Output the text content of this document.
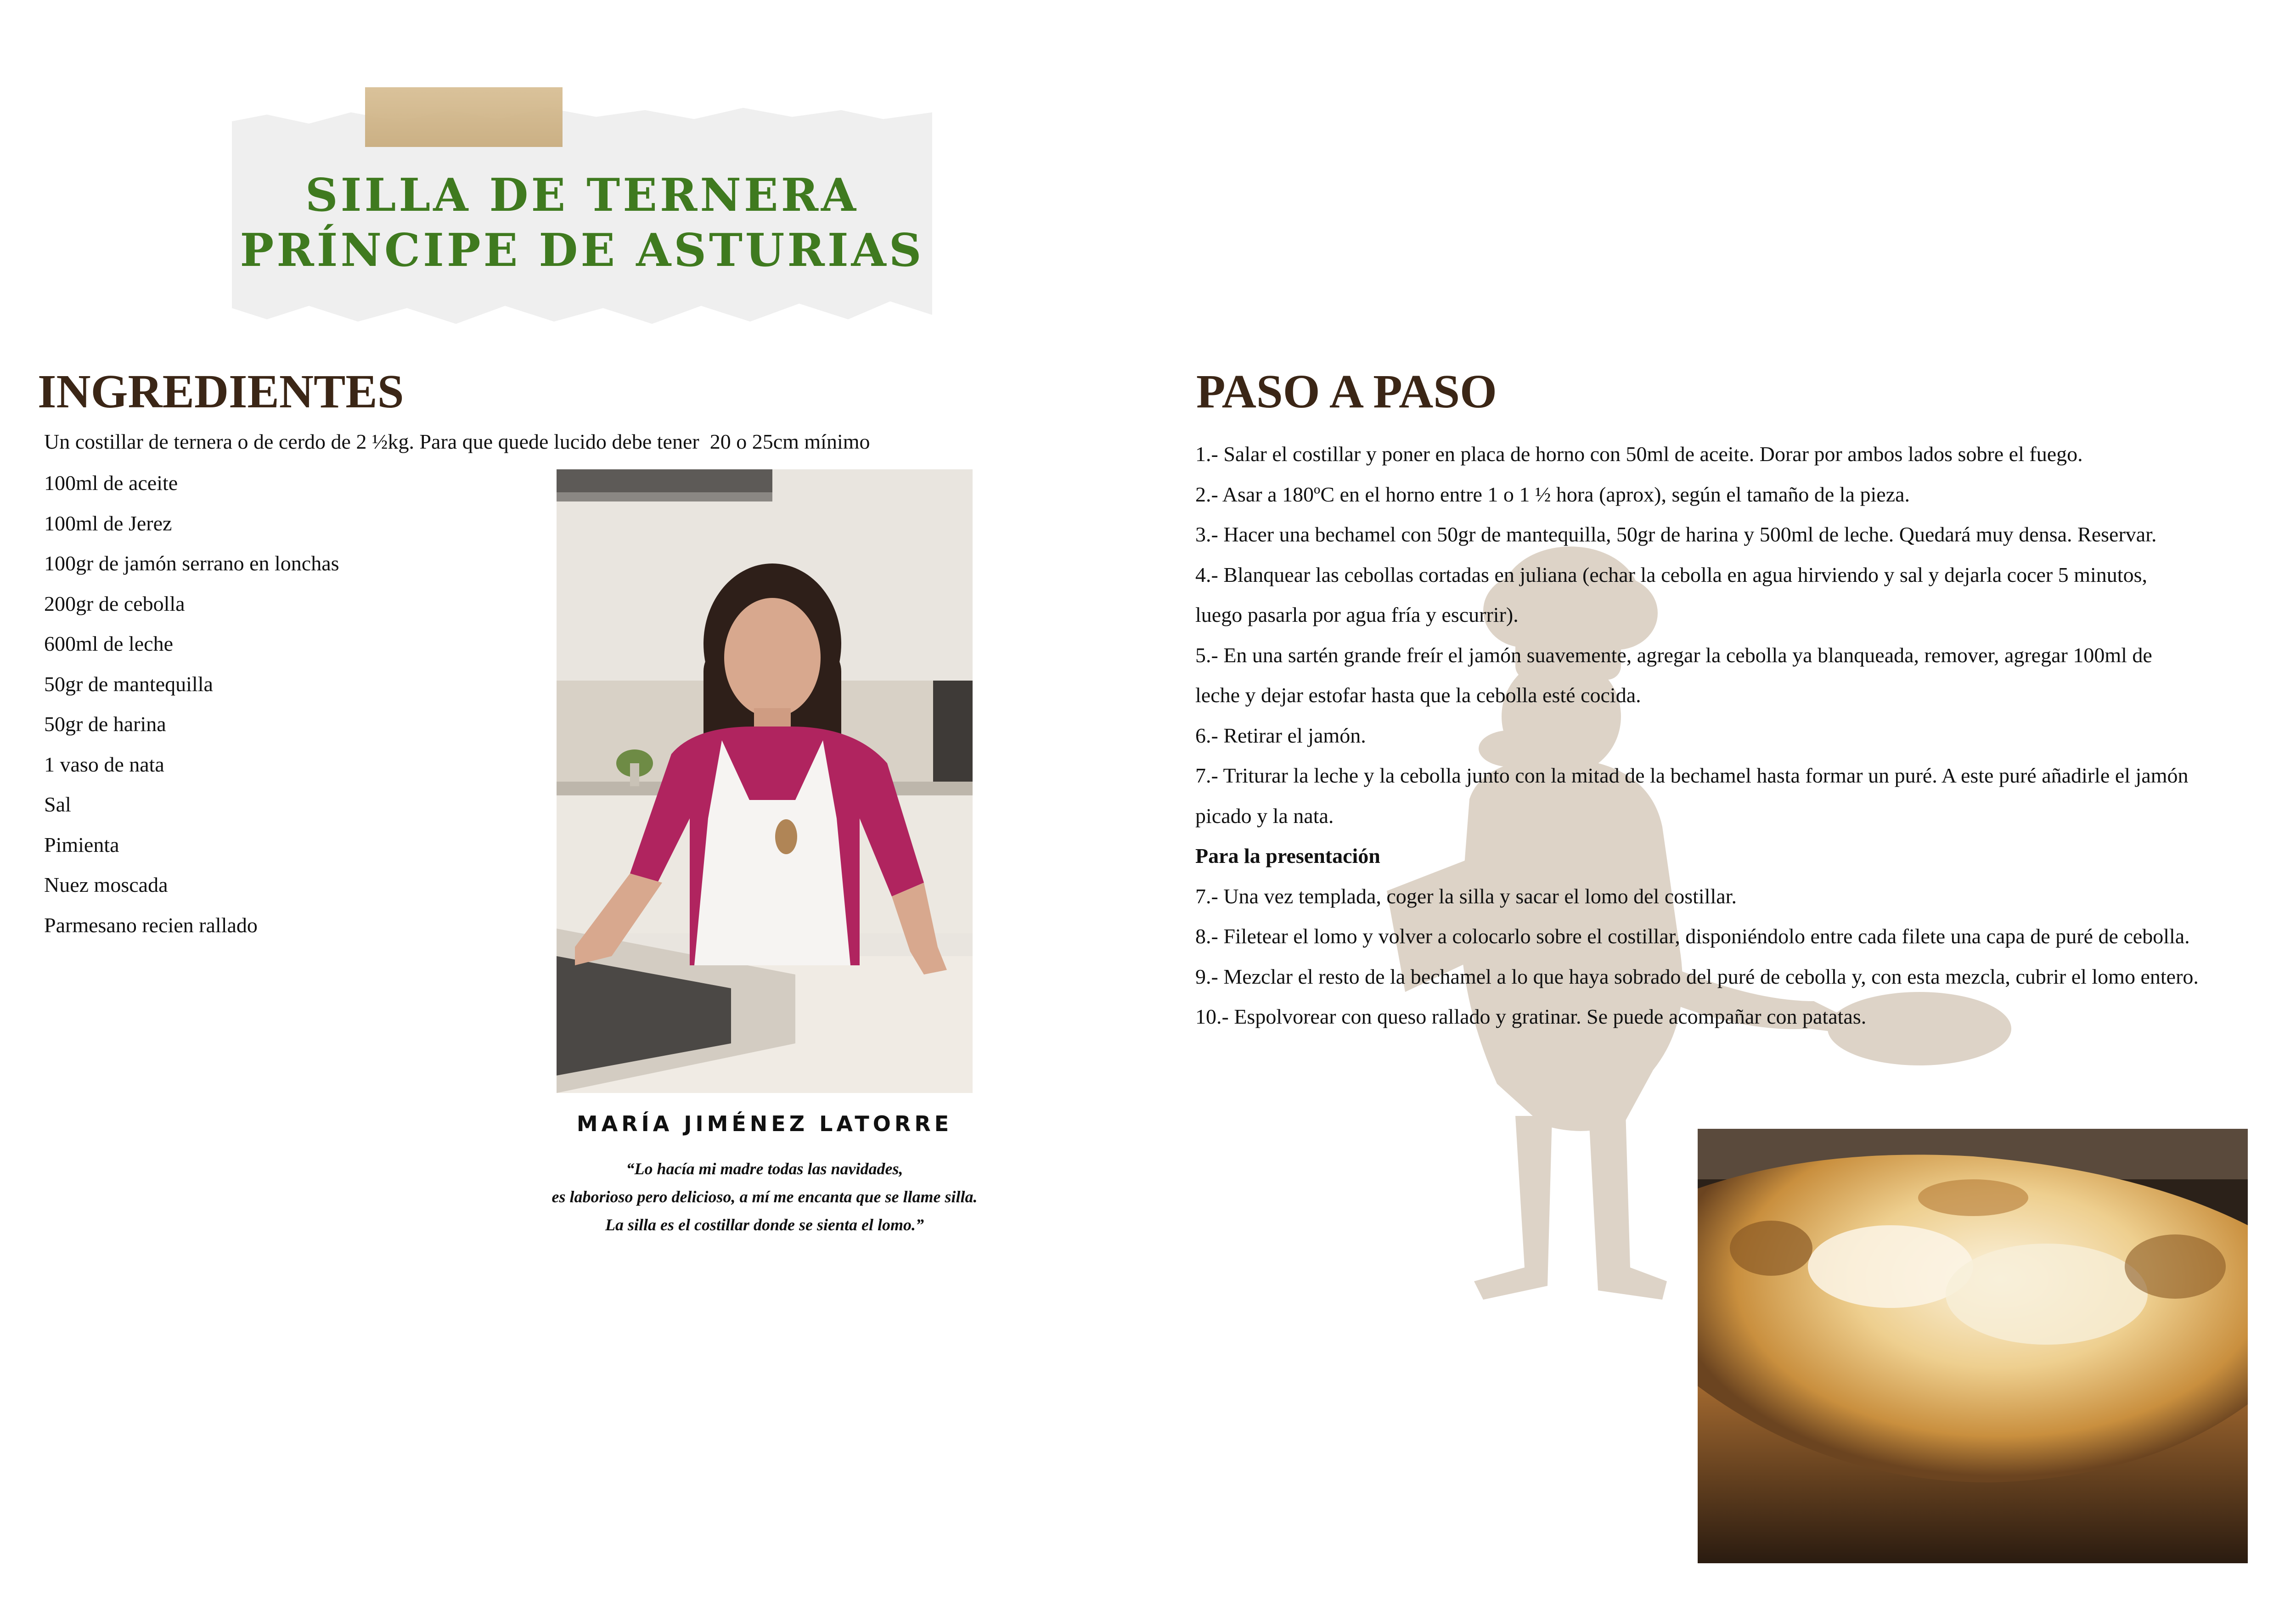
SILLA DE TERNERA
PRÍNCIPE DE ASTURIAS
INGREDIENTES
Un costillar de ternera o de cerdo de 2 ½kg. Para que quede lucido debe tener  20 o 25cm mínimo
100ml de aceite
100ml de Jerez
100gr de jamón serrano en lonchas
200gr de cebolla
600ml de leche
50gr de mantequilla
50gr de harina
1 vaso de nata
Sal
Pimienta
Nuez moscada
Parmesano recien rallado
MARÍA JIMÉNEZ LATORRE
“Lo hacía mi madre todas las navidades,
es laborioso pero delicioso, a mí me encanta que se llame silla.
La silla es el costillar donde se sienta el lomo.”
PASO A PASO
1.- Salar el costillar y poner en placa de horno con 50ml de aceite. Dorar por ambos lados sobre el fuego.
2.- Asar a 180ºC en el horno entre 1 o 1 ½ hora (aprox), según el tamaño de la pieza.
3.- Hacer una bechamel con 50gr de mantequilla, 50gr de harina y 500ml de leche. Quedará muy densa. Reservar.
4.- Blanquear las cebollas cortadas en juliana (echar la cebolla en agua hirviendo y sal y dejarla cocer 5 minutos,
luego pasarla por agua fría y escurrir).
5.- En una sartén grande freír el jamón suavemente, agregar la cebolla ya blanqueada, remover, agregar 100ml de
leche y dejar estofar hasta que la cebolla esté cocida.
6.- Retirar el jamón.
7.- Triturar la leche y la cebolla junto con la mitad de la bechamel hasta formar un puré. A este puré añadirle el jamón
picado y la nata.
Para la presentación
7.- Una vez templada, coger la silla y sacar el lomo del costillar.
8.- Filetear el lomo y volver a colocarlo sobre el costillar, disponiéndolo entre cada filete una capa de puré de cebolla.
9.- Mezclar el resto de la bechamel a lo que haya sobrado del puré de cebolla y, con esta mezcla, cubrir el lomo entero.
10.- Espolvorear con queso rallado y gratinar. Se puede acompañar con patatas.
